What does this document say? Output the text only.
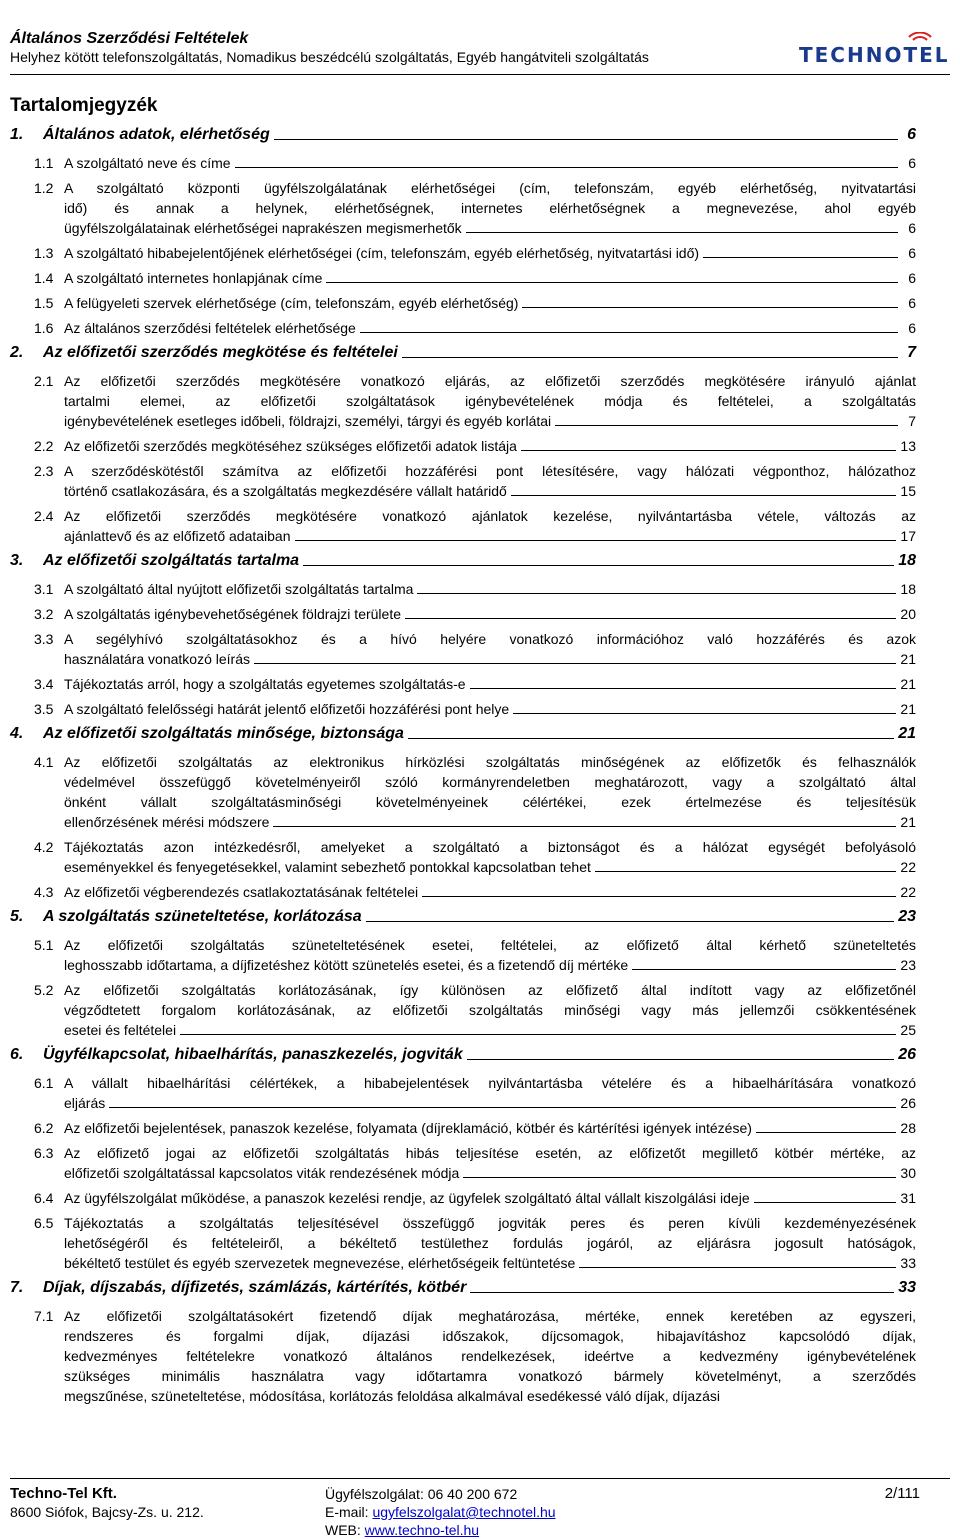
Általános Szerződési Feltételek
Helyhez kötött telefonszolgáltatás, Nomadikus beszédcélú szolgáltatás, Egyéb hangátviteli szolgáltatás	TECHNOTEL
Tartalomjegyzék
1.	Általános adatok, elérhetőség	6
1.1 A szolgáltató neve és címe	6
1.2 A szolgáltató központi ügyfélszolgálatának elérhetőségei (cím, telefonszám, egyéb elérhetőség, nyitvatartási
idő) és annak a helynek, elérhetőségnek, internetes elérhetőségnek a megnevezése, ahol egyéb
ügyfélszolgálatainak elérhetőségei naprakészen megismerhetők	6
1.3 A szolgáltató hibabejelentőjének elérhetőségei (cím, telefonszám, egyéb elérhetőség, nyitvatartási idő)	6
1.4 A szolgáltató internetes honlapjának címe	6
1.5 A felügyeleti szervek elérhetősége (cím, telefonszám, egyéb elérhetőség)	6
1.6 Az általános szerződési feltételek elérhetősége	6
2.	Az előfizetői szerződés megkötése és feltételei	7
2.1 Az előfizetői szerződés megkötésére vonatkozó eljárás, az előfizetői szerződés megkötésére irányuló ajánlat
tartalmi elemei, az előfizetői szolgáltatások igénybevételének módja és feltételei, a szolgáltatás
igénybevételének esetleges időbeli, földrajzi, személyi, tárgyi és egyéb korlátai	7
2.2 Az előfizetői szerződés megkötéséhez szükséges előfizetői adatok listája	13
2.3 A szerződéskötéstől számítva az előfizetői hozzáférési pont létesítésére, vagy hálózati végponthoz, hálózathoz
történő csatlakozására, és a szolgáltatás megkezdésére vállalt határidő	15
2.4 Az előfizetői szerződés megkötésére vonatkozó ajánlatok kezelése, nyilvántartásba vétele, változás az
ajánlattevő és az előfizető adataiban	17
3.	Az előfizetői szolgáltatás tartalma	18
3.1 A szolgáltató által nyújtott előfizetői szolgáltatás tartalma	18
3.2 A szolgáltatás igénybevehetőségének földrajzi területe	20
3.3 A segélyhívó szolgáltatásokhoz és a hívó helyére vonatkozó információhoz való hozzáférés és azok
használatára vonatkozó leírás	21
3.4 Tájékoztatás arról, hogy a szolgáltatás egyetemes szolgáltatás-e	21
3.5 A szolgáltató felelősségi határát jelentő előfizetői hozzáférési pont helye	21
4.	Az előfizetői szolgáltatás minősége, biztonsága	21
4.1 Az előfizetői szolgáltatás az elektronikus hírközlési szolgáltatás minőségének az előfizetők és felhasználók
védelmével összefüggő követelményeiről szóló kormányrendeletben meghatározott, vagy a szolgáltató által
önként vállalt szolgáltatásminőségi követelményeinek célértékei, ezek értelmezése és teljesítésük
ellenőrzésének mérési módszere	21
4.2 Tájékoztatás azon intézkedésről, amelyeket a szolgáltató a biztonságot és a hálózat egységét befolyásoló
eseményekkel és fenyegetésekkel, valamint sebezhető pontokkal kapcsolatban tehet	22
4.3 Az előfizetői végberendezés csatlakoztatásának feltételei	22
5.	A szolgáltatás szüneteltetése, korlátozása	23
5.1 Az előfizetői szolgáltatás szüneteltetésének esetei, feltételei, az előfizető által kérhető szüneteltetés
leghosszabb időtartama, a díjfizetéshez kötött szünetelés esetei, és a fizetendő díj mértéke	23
5.2 Az előfizetői szolgáltatás korlátozásának, így különösen az előfizető által indított vagy az előfizetőnél
végződtetett forgalom korlátozásának, az előfizetői szolgáltatás minőségi vagy más jellemzői csökkentésének
esetei és feltételei	25
6.	Ügyfélkapcsolat, hibaelhárítás, panaszkezelés, jogviták	26
6.1 A vállalt hibaelhárítási célértékek, a hibabejelentések nyilvántartásba vételére és a hibaelhárítására vonatkozó
eljárás	26
6.2 Az előfizetői bejelentések, panaszok kezelése, folyamata (díjreklamáció, kötbér és kártérítési igények intézése)	28
6.3 Az előfizető jogai az előfizetői szolgáltatás hibás teljesítése esetén, az előfizetőt megillető kötbér mértéke, az
előfizetői szolgáltatással kapcsolatos viták rendezésének módja	30
6.4 Az ügyfélszolgálat működése, a panaszok kezelési rendje, az ügyfelek szolgáltató által vállalt kiszolgálási ideje	31
6.5 Tájékoztatás a szolgáltatás teljesítésével összefüggő jogviták peres és peren kívüli kezdeményezésének
lehetőségéről és feltételeiről, a békéltető testülethez fordulás jogáról, az eljárásra jogosult hatóságok,
békéltető testület és egyéb szervezetek megnevezése, elérhetőségeik feltüntetése	33
7.	Díjak, díjszabás, díjfizetés, számlázás, kártérítés, kötbér	33
7.1 Az előfizetői szolgáltatásokért fizetendő díjak meghatározása, mértéke, ennek keretében az egyszeri,
rendszeres és forgalmi díjak, díjazási időszakok, díjcsomagok, hibajavításhoz kapcsolódó díjak,
kedvezményes feltételekre vonatkozó általános rendelkezések, ideértve a kedvezmény igénybevételének
szükséges minimális használatra vagy időtartamra vonatkozó bármely követelményt, a szerződés
megszűnése, szüneteltetése, módosítása, korlátozás feloldása alkalmával esedékessé váló díjak, díjazási
Techno-Tel Kft.
8600 Siófok, Bajcsy-Zs. u. 212.
Ügyfélszolgálat: 06 40 200 672
E-mail: ugyfelszolgalat@technotel.hu
WEB: www.techno-tel.hu
2/111
